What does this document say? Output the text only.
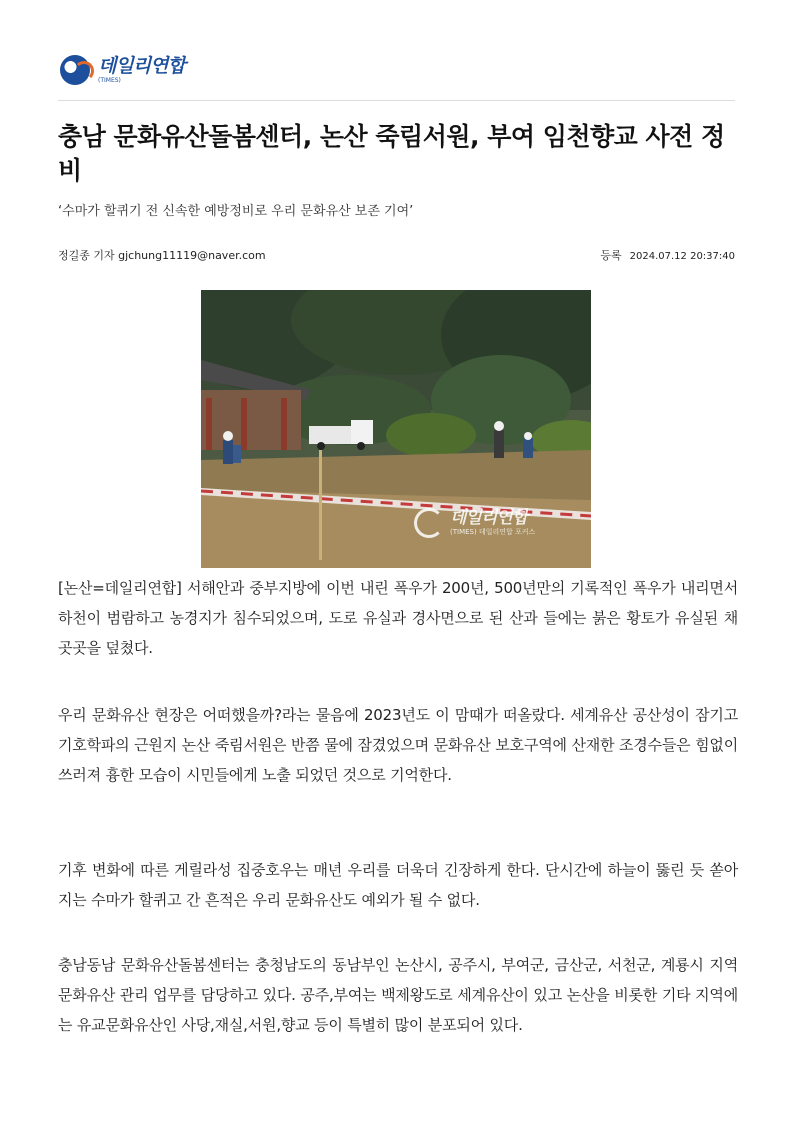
데일리연합
(TIMES)
충남 문화유산돌봄센터, 논산 죽림서원, 부여 임천향교 사전 정비

‘수마가 할퀴기 전 신속한 예방정비로 우리 문화유산 보존 기여’

정길종 기자 gjchung11119@naver.com	등록 2024.07.12 20:37:40
데일리연합
(TIMES) 데일리연합 포커스

[논산=데일리연합] 서해안과 중부지방에 이번 내린 폭우가 200년, 500년만의 기록적인 폭우가 내리면서 하천이 범람하고 농경지가 침수되었으며, 도로 유실과 경사면으로 된 산과 들에는 붉은 황토가 유실된 채 곳곳을 덮쳤다.

우리 문화유산 현장은 어떠했을까?라는 물음에 2023년도 이 맘때가 떠올랐다. 세계유산 공산성이 잠기고 기호학파의 근원지 논산 죽림서원은 반쯤 물에 잠겼었으며 문화유산 보호구역에 산재한 조경수들은 힘없이 쓰러져 흉한 모습이 시민들에게 노출 되었던 것으로 기억한다.

기후 변화에 따른 게릴라성 집중호우는 매년 우리를 더욱더 긴장하게 한다. 단시간에 하늘이 뚫린 듯 쏟아지는 수마가 할퀴고 간 흔적은 우리 문화유산도 예외가 될 수 없다.

충남동남 문화유산돌봄센터는 충청남도의 동남부인 논산시, 공주시, 부여군, 금산군, 서천군, 계룡시 지역 문화유산 관리 업무를 담당하고 있다. 공주,부여는 백제왕도로 세계유산이 있고 논산을 비롯한 기타 지역에는 유교문화유산인 사당,재실,서원,향교 등이 특별히 많이 분포되어 있다.
